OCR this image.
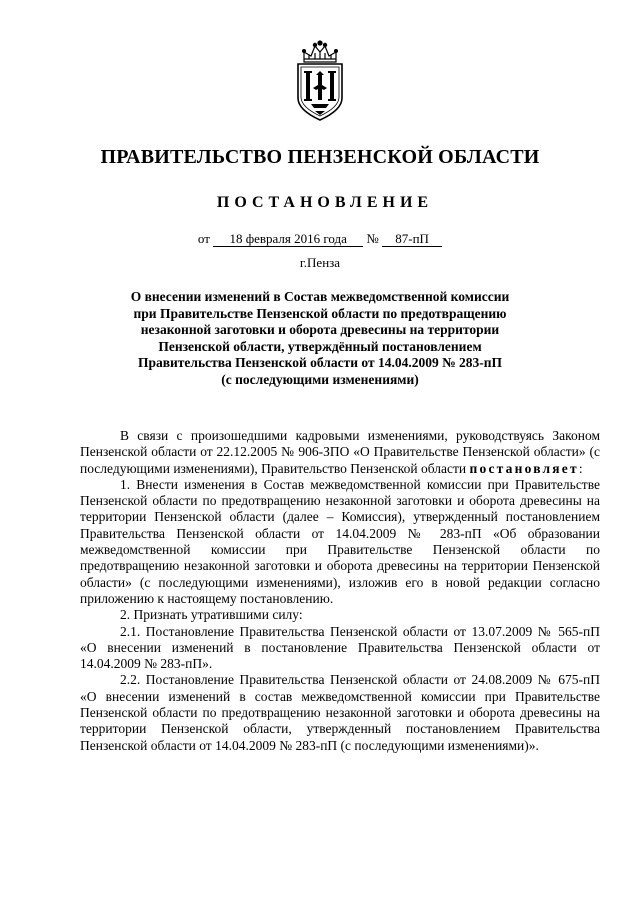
ПРАВИТЕЛЬСТВО ПЕНЗЕНСКОЙ ОБЛАСТИ
ПОСТАНОВЛЕНИЕ
от 18 февраля 2016 года № 87-пП
г.Пенза
О внесении изменений в Состав межведомственной комиссии
при Правительстве Пензенской области по предотвращению
незаконной заготовки и оборота древесины на территории
Пензенской области, утверждённый постановлением
Правительства Пензенской области от 14.04.2009 № 283-пП
(с последующими изменениями)

В связи с произошедшими кадровыми изменениями, руководствуясь Законом Пензенской области от 22.12.2005 № 906-ЗПО «О Правительстве Пензенской области» (с последующими изменениями), Правительство Пензенской области постановляет:

1. Внести изменения в Состав межведомственной комиссии при Правительстве Пензенской области по предотвращению незаконной заготовки и оборота древесины на территории Пензенской области (далее – Комиссия), утвержденный постановлением Правительства Пензенской области от 14.04.2009 № 283-пП «Об образовании межведомственной комиссии при Правительстве Пензенской области по предотвращению незаконной заготовки и оборота древесины на территории Пензенской области» (с последующими изменениями), изложив его в новой редакции согласно приложению к настоящему постановлению.

2. Признать утратившими силу:

2.1. Постановление Правительства Пензенской области от 13.07.2009 № 565-пП «О внесении изменений в постановление Правительства Пензенской области от 14.04.2009 № 283-пП».

2.2. Постановление Правительства Пензенской области от 24.08.2009 № 675-пП «О внесении изменений в состав межведомственной комиссии при Правительстве Пензенской области по предотвращению незаконной заготовки и оборота древесины на территории Пензенской области, утвержденный постановлением Правительства Пензенской области от 14.04.2009 № 283-пП (с последующими изменениями)».
